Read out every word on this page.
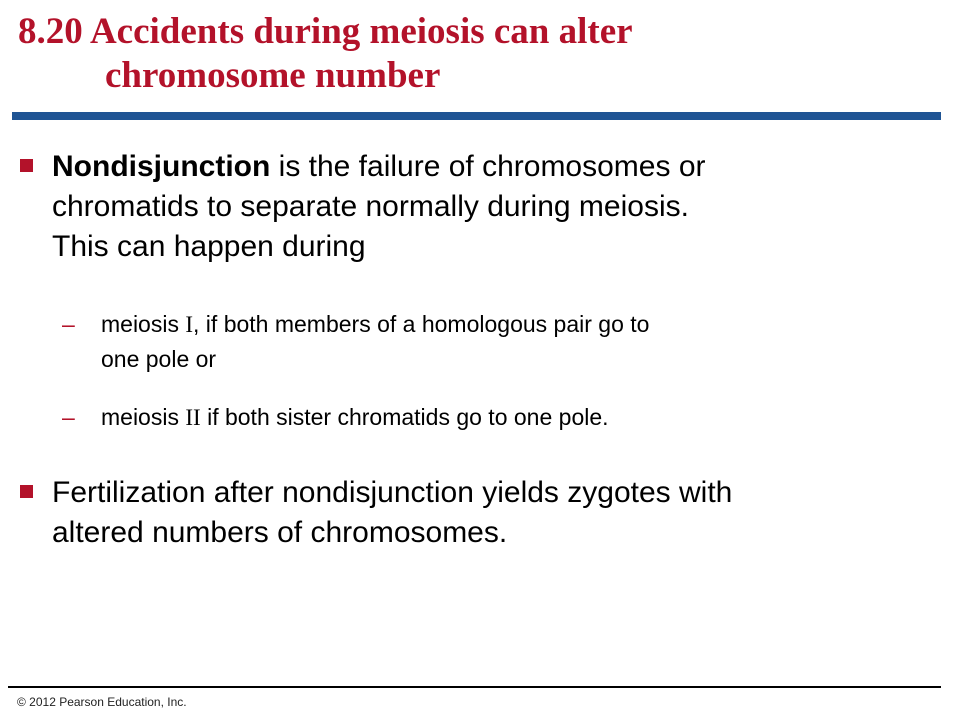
8.20 Accidents during meiosis can alter
chromosome number
Nondisjunction is the failure of chromosomes or
chromatids to separate normally during meiosis.
This can happen during
– meiosis I, if both members of a homologous pair go to
one pole or
– meiosis II if both sister chromatids go to one pole.
Fertilization after nondisjunction yields zygotes with
altered numbers of chromosomes.
© 2012 Pearson Education, Inc.
